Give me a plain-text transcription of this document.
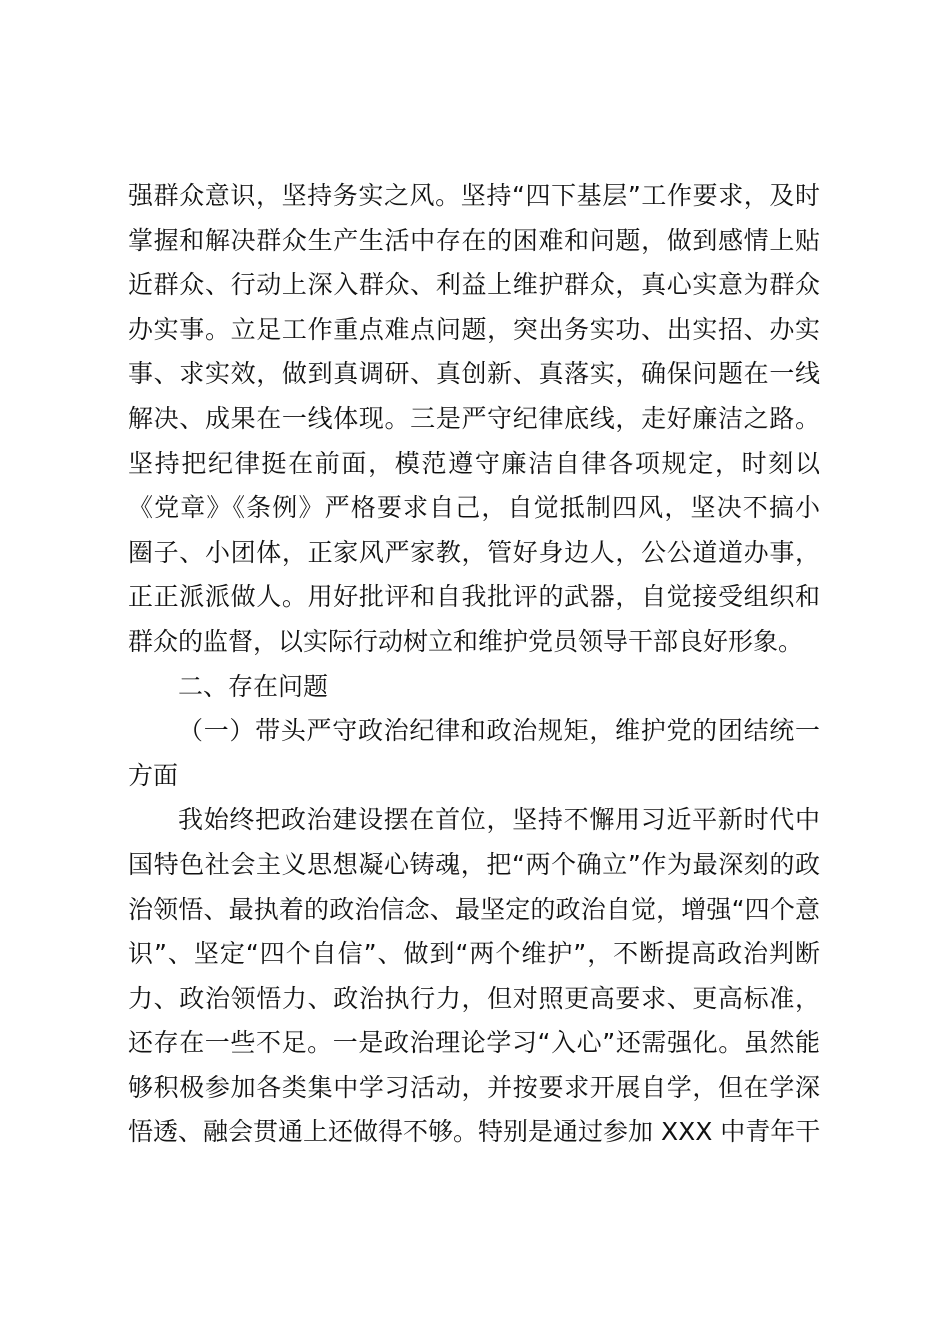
强群众意识，坚持务实之风。坚持“四下基层”工作要求，及时
掌握和解决群众生产生活中存在的困难和问题，做到感情上贴
近群众、行动上深入群众、利益上维护群众，真心实意为群众
办实事。立足工作重点难点问题，突出务实功、出实招、办实
事、求实效，做到真调研、真创新、真落实，确保问题在一线
解决、成果在一线体现。三是严守纪律底线，走好廉洁之路。
坚持把纪律挺在前面，模范遵守廉洁自律各项规定，时刻以
《党章》《条例》严格要求自己，自觉抵制四风，坚决不搞小
圈子、小团体，正家风严家教，管好身边人，公公道道办事，
正正派派做人。用好批评和自我批评的武器，自觉接受组织和
群众的监督，以实际行动树立和维护党员领导干部良好形象。
二、存在问题
（一）带头严守政治纪律和政治规矩，维护党的团结统一
方面
我始终把政治建设摆在首位，坚持不懈用习近平新时代中
国特色社会主义思想凝心铸魂，把“两个确立”作为最深刻的政
治领悟、最执着的政治信念、最坚定的政治自觉，增强“四个意
识”、坚定“四个自信”、做到“两个维护”，不断提高政治判断
力、政治领悟力、政治执行力，但对照更高要求、更高标准，
还存在一些不足。一是政治理论学习“入心”还需强化。虽然能
够积极参加各类集中学习活动，并按要求开展自学，但在学深
悟透、融会贯通上还做得不够。特别是通过参加 XXX 中青年干
